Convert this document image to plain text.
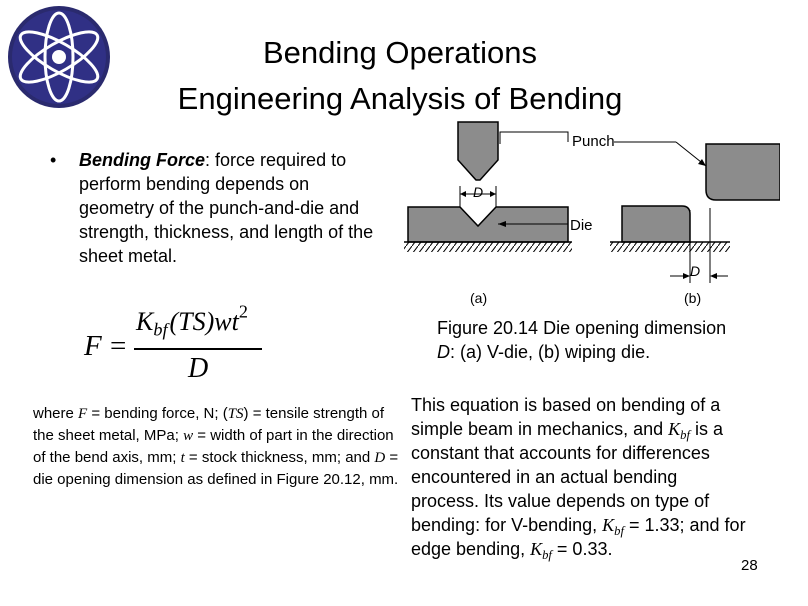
Bending Operations
Engineering Analysis of Bending
• Bending Force: force required to perform bending depends on geometry of the punch-and-die and strength, thickness, and length of the sheet metal.
F =
$K_{bf}(TS)wt^2$
D
where F = bending force, N; (TS) = tensile strength of the sheet metal, MPa; w = width of part in the direction of the bend axis, mm; t = stock thickness, mm; and D = die opening dimension as defined in Figure 20.12, mm.
Punch
Die
D
D
(a)	(b)
Figure 20.14 Die opening dimension
D: (a) V-die, (b) wiping die.
This equation is based on bending of a simple beam in mechanics, and $K_{bf}$ is a constant that accounts for differences encountered in an actual bending process. Its value depends on type of bending: for V-bending, $K_{bf} = 1.33$; and for edge bending, $K_{bf} = 0.33$.
28
